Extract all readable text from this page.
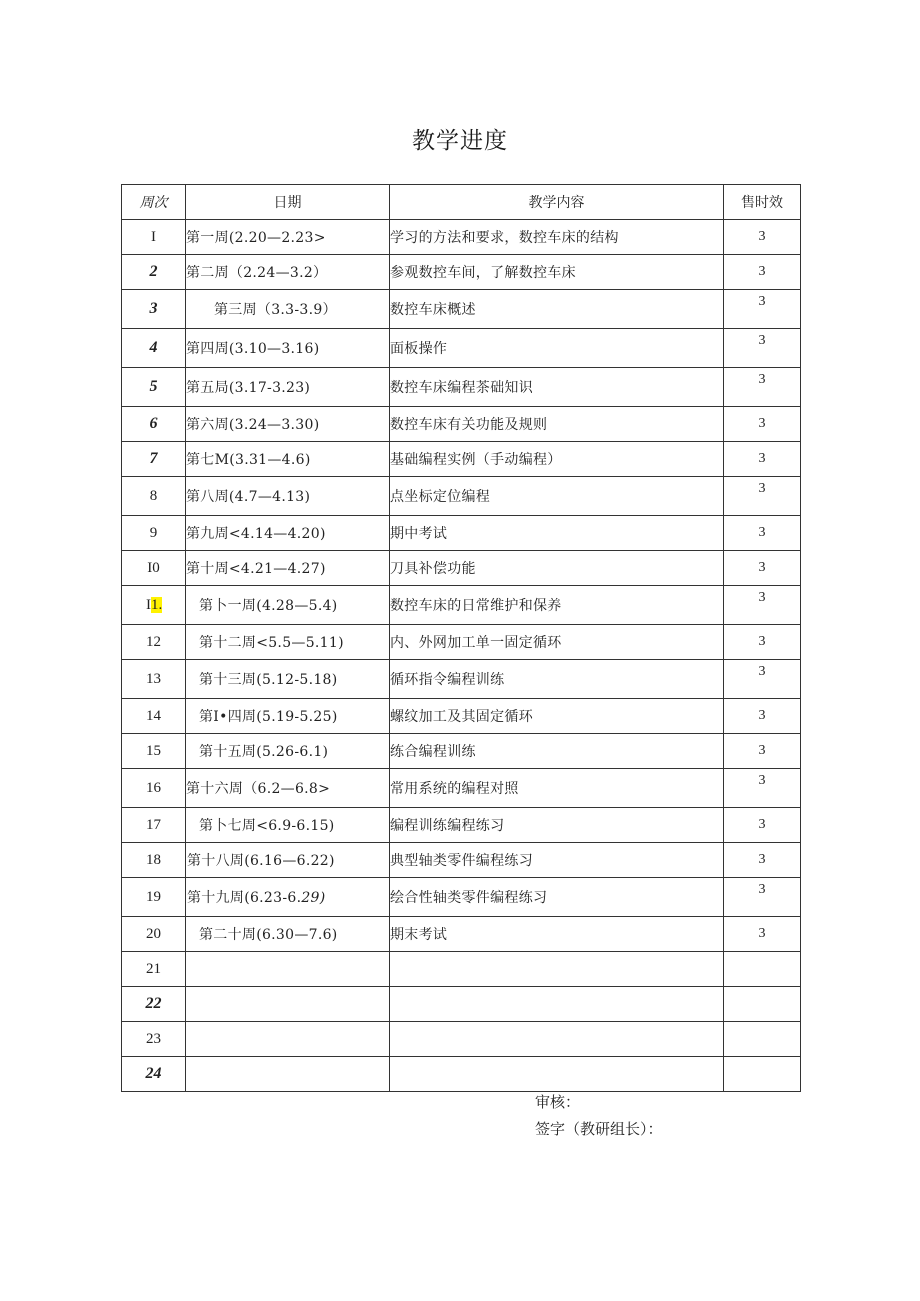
教学进度
周次	日期	教学内容	售时效
I	第一周(2.20—2.23>	学习的方法和要求，数控车床的结构	3
2	第二周（2.24—3.2）	参观数控车间，了解数控车床	3
3	第三周（3.3-3.9）	数控车床概述	3
4	第四周(3.10—3.16)	面板操作	3
5	第五局(3.17-3.23)	数控车床编程茶础知识	3
6	第六周(3.24—3.30)	数控车床有关功能及规则	3
7	第七M(3.31—4.6)	基础编程实例（手动编程）	3
8	第八周(4.7—4.13)	点坐标定位编程	3
9	第九周<4.14—4.20)	期中考试	3
I0	第十周<4.21—4.27)	刀具补偿功能	3
I1.	第卜一周(4.28—5.4)	数控车床的日常维护和保养	3
12	第十二周<5.5—5.11)	内、外网加工单一固定循环	3
13	第十三周(5.12-5.18)	循环指令编程训练	3
14	第I•四周(5.19-5.25)	螺纹加工及其固定循环	3
15	第十五周(5.26-6.1)	练合编程训练	3
16	第十六周（6.2—6.8>	常用系统的编程对照	3
17	第卜七周<6.9-6.15)	编程训练编程练习	3
18	第十八周(6.16—6.22)	典型轴类零件编程练习	3
19	第十九周(6.23-6.29)	绘合性轴类零件编程练习	3
20	第二十周(6.30—7.6)	期末考试	3
21			
22			
23			
24			
审核：
签字（教研组长）：
